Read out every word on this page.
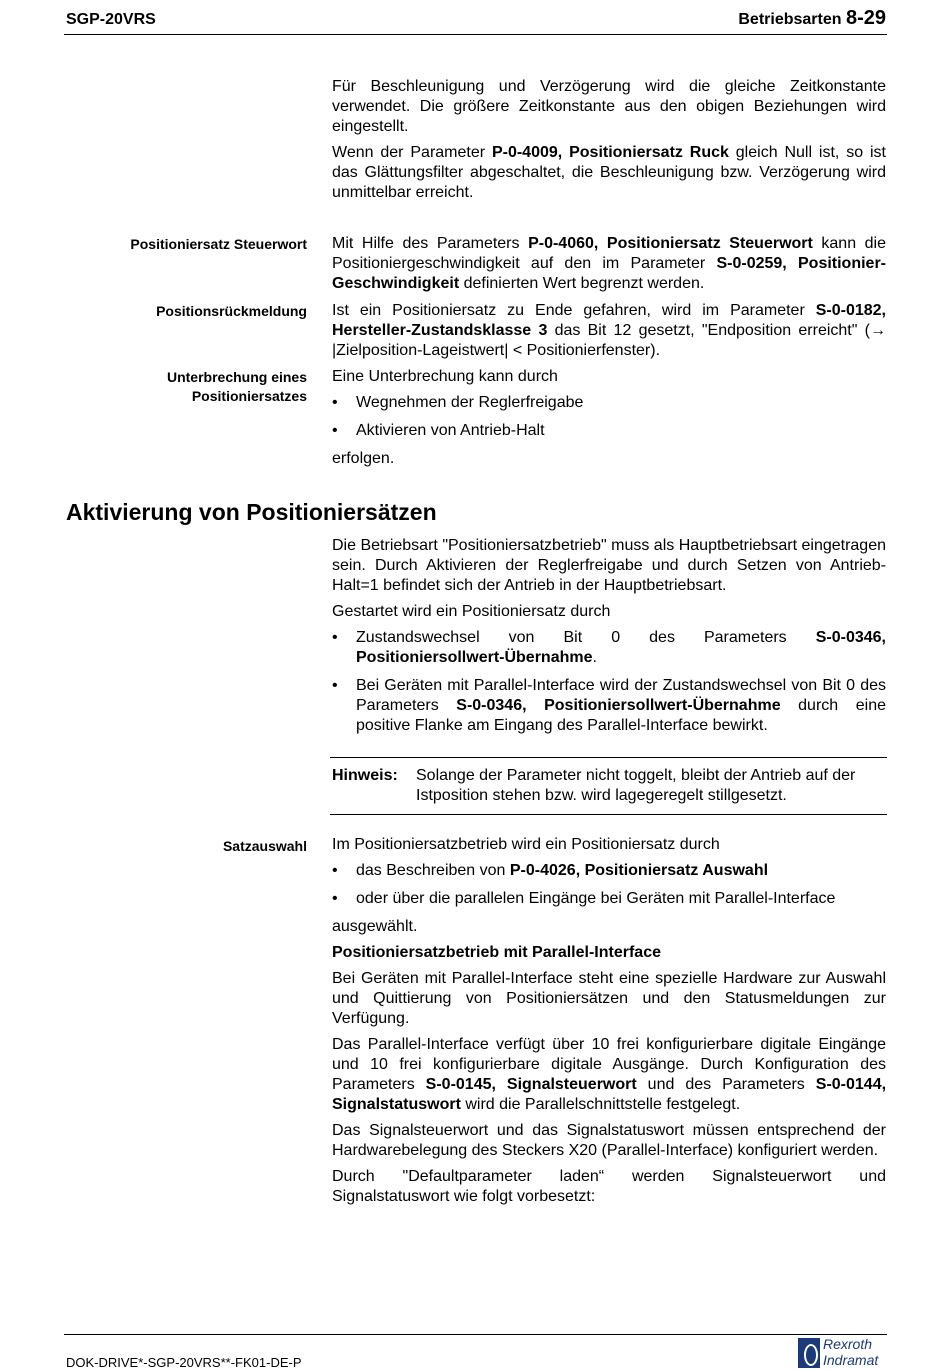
SGP-20VRS	Betriebsarten 8-29

Für Beschleunigung und Verzögerung wird die gleiche Zeitkonstante verwendet. Die größere Zeitkonstante aus den obigen Beziehungen wird eingestellt.

Wenn der Parameter P-0-4009, Positioniersatz Ruck gleich Null ist, so ist das Glättungsfilter abgeschaltet, die Beschleunigung bzw. Verzögerung wird unmittelbar erreicht.

Positioniersatz Steuerwort Mit Hilfe des Parameters P-0-4060, Positioniersatz Steuerwort kann die Positioniergeschwindigkeit auf den im Parameter S-0-0259, Positionier-Geschwindigkeit definierten Wert begrenzt werden.

Positionsrückmeldung Ist ein Positioniersatz zu Ende gefahren, wird im Parameter S-0-0182, Hersteller-Zustandsklasse 3 das Bit 12 gesetzt, "Endposition erreicht" (→ |Zielposition-Lageistwert| < Positionierfenster).

Unterbrechung eines
Positioniersatzes

Eine Unterbrechung kann durch

• Wegnehmen der Reglerfreigabe
• Aktivieren von Antrieb-Halt

erfolgen.

Aktivierung von Positioniersätzen

Die Betriebsart "Positioniersatzbetrieb" muss als Hauptbetriebsart eingetragen sein. Durch Aktivieren der Reglerfreigabe und durch Setzen von Antrieb-Halt=1 befindet sich der Antrieb in der Hauptbetriebsart.

Gestartet wird ein Positioniersatz durch

• Zustandswechsel von Bit 0 des Parameters S-0-0346, Positioniersollwert-Übernahme.
• Bei Geräten mit Parallel-Interface wird der Zustandswechsel von Bit 0 des Parameters S-0-0346, Positioniersollwert-Übernahme durch eine positive Flanke am Eingang des Parallel-Interface bewirkt.
Hinweis: Solange der Parameter nicht toggelt, bleibt der Antrieb auf der Istposition stehen bzw. wird lagegeregelt stillgesetzt.
Satzauswahl Im Positioniersatzbetrieb wird ein Positioniersatz durch

• das Beschreiben von P-0-4026, Positioniersatz Auswahl
• oder über die parallelen Eingänge bei Geräten mit Parallel-Interface

ausgewählt.

Positioniersatzbetrieb mit Parallel-Interface

Bei Geräten mit Parallel-Interface steht eine spezielle Hardware zur Auswahl und Quittierung von Positioniersätzen und den Statusmeldungen zur Verfügung.

Das Parallel-Interface verfügt über 10 frei konfigurierbare digitale Eingänge und 10 frei konfigurierbare digitale Ausgänge. Durch Konfiguration des Parameters S-0-0145, Signalsteuerwort und des Parameters S-0-0144, Signalstatuswort wird die Parallelschnittstelle festgelegt.

Das Signalsteuerwort und das Signalstatuswort müssen entsprechend der Hardwarebelegung des Steckers X20 (Parallel-Interface) konfiguriert werden.

Durch "Defaultparameter laden“ werden Signalsteuerwort und Signalstatuswort wie folgt vorbesetzt:

DOK-DRIVE*-SGP-20VRS**-FK01-DE-P
Rexroth
Indramat
